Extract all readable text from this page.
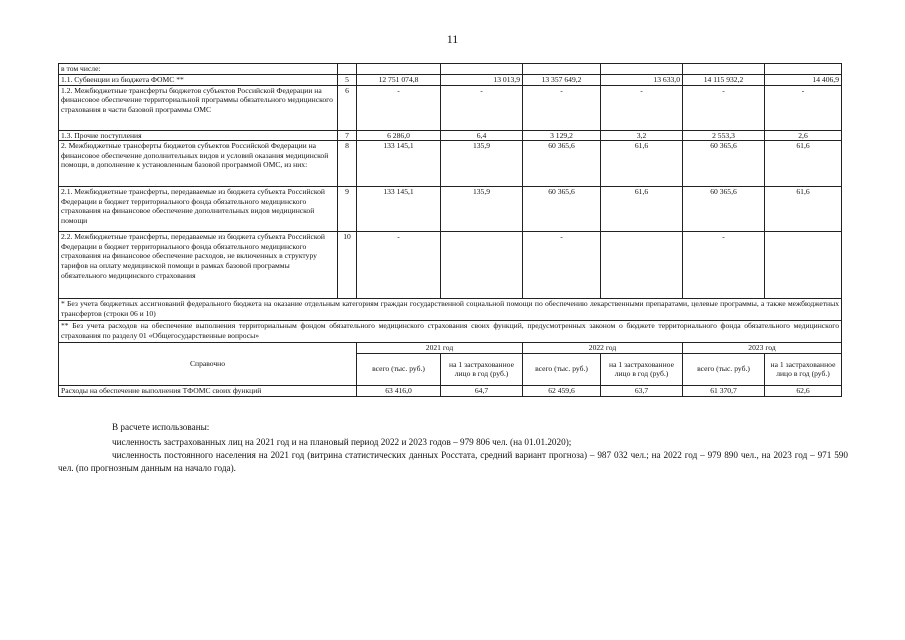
11
в том числе:							
1.1. Субвенции из бюджета ФОМС **	5	12 751 074,8	13 013,9	13 357 649,2	13 633,0	14 115 932,2	14 406,9
1.2. Межбюджетные трансферты бюджетов субъектов Российской Федерации на финансовое обеспечение территориальной программы обязательного медицинского страхования в части базовой программы ОМС	6	-	-	-	-	-	-
1.3. Прочие поступления	7	6 286,0	6,4	3 129,2	3,2	2 553,3	2,6
2. Межбюджетные трансферты бюджетов субъектов Российской Федерации на финансовое обеспечение дополнительных видов и условий оказания медицинской помощи, в дополнение к установленным базовой программой ОМС, из них:	8	133 145,1	135,9	60 365,6	61,6	60 365,6	61,6
2.1. Межбюджетные трансферты, передаваемые из бюджета субъекта Российской Федерации в бюджет территориального фонда обязательного медицинского страхования на финансовое обеспечение дополнительных видов медицинской помощи	9	133 145,1	135,9	60 365,6	61,6	60 365,6	61,6
2.2. Межбюджетные трансферты, передаваемые из бюджета субъекта Российской Федерации в бюджет территориального фонда обязательного медицинского страхования на финансовое обеспечение расходов, не включенных в структуру тарифов на оплату медицинской помощи в рамках базовой программы обязательного медицинского страхования	10	-		-		-	
* Без учета бюджетных ассигнований федерального бюджета на оказание отдельным категориям граждан государственной социальной помощи по обеспечению лекарственными препаратами, целевые программы, а также межбюджетных трансфертов (строки 06 и 10)							
** Без учета расходов на обеспечение выполнения территориальным фондом обязательного медицинского страхования своих функций, предусмотренных законом о бюджете территориального фонда обязательного медицинского страхования по разделу 01 «Общегосударственные вопросы»							
Справочно		2021 год		2022 год		2023 год	
		всего (тыс. руб.)	на 1 застрахованное лицо в год (руб.)	всего (тыс. руб.)	на 1 застрахованное лицо в год (руб.)	всего (тыс. руб.)	на 1 застрахованное лицо в год (руб.)
Расходы на обеспечение выполнения ТФОМС своих функций		63 416,0	64,7	62 459,6	63,7	61 370,7	62,6
В расчете использованы:
численность застрахованных лиц на 2021 год и на плановый период 2022 и 2023 годов – 979 806 чел. (на 01.01.2020);
численность постоянного населения на 2021 год (витрина статистических данных Росстата, средний вариант прогноза) – 987 032 чел.; на 2022 год – 979 890 чел., на 2023 год – 971 590 чел. (по прогнозным данным на начало года).
